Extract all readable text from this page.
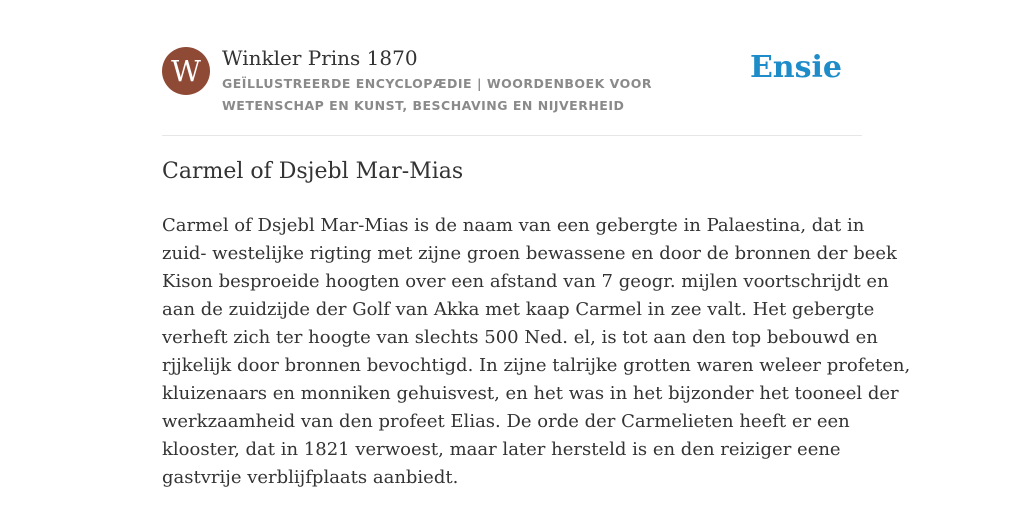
W	Winkler Prins 1870
GEÏLLUSTREERDE ENCYCLOPÆDIE | WOORDENBOEK VOOR WETENSCHAP EN KUNST, BESCHAVING EN NIJVERHEID
Ensie
Carmel of Dsjebl Mar-Mias

Carmel of Dsjebl Mar-Mias is de naam van een gebergte in Palaestina, dat in
zuid- westelijke rigting met zijne groen bewassene en door de bronnen der beek
Kison besproeide hoogten over een afstand van 7 geogr. mijlen voortschrijdt en
aan de zuidzijde der Golf van Akka met kaap Carmel in zee valt. Het gebergte
verheft zich ter hoogte van slechts 500 Ned. el, is tot aan den top bebouwd en
rjjkelijk door bronnen bevochtigd. In zijne talrijke grotten waren weleer profeten,
kluizenaars en monniken gehuisvest, en het was in het bijzonder het tooneel der
werkzaamheid van den profeet Elias. De orde der Carmelieten heeft er een
klooster, dat in 1821 verwoest, maar later hersteld is en den reiziger eene
gastvrije verblijfplaats aanbiedt.
